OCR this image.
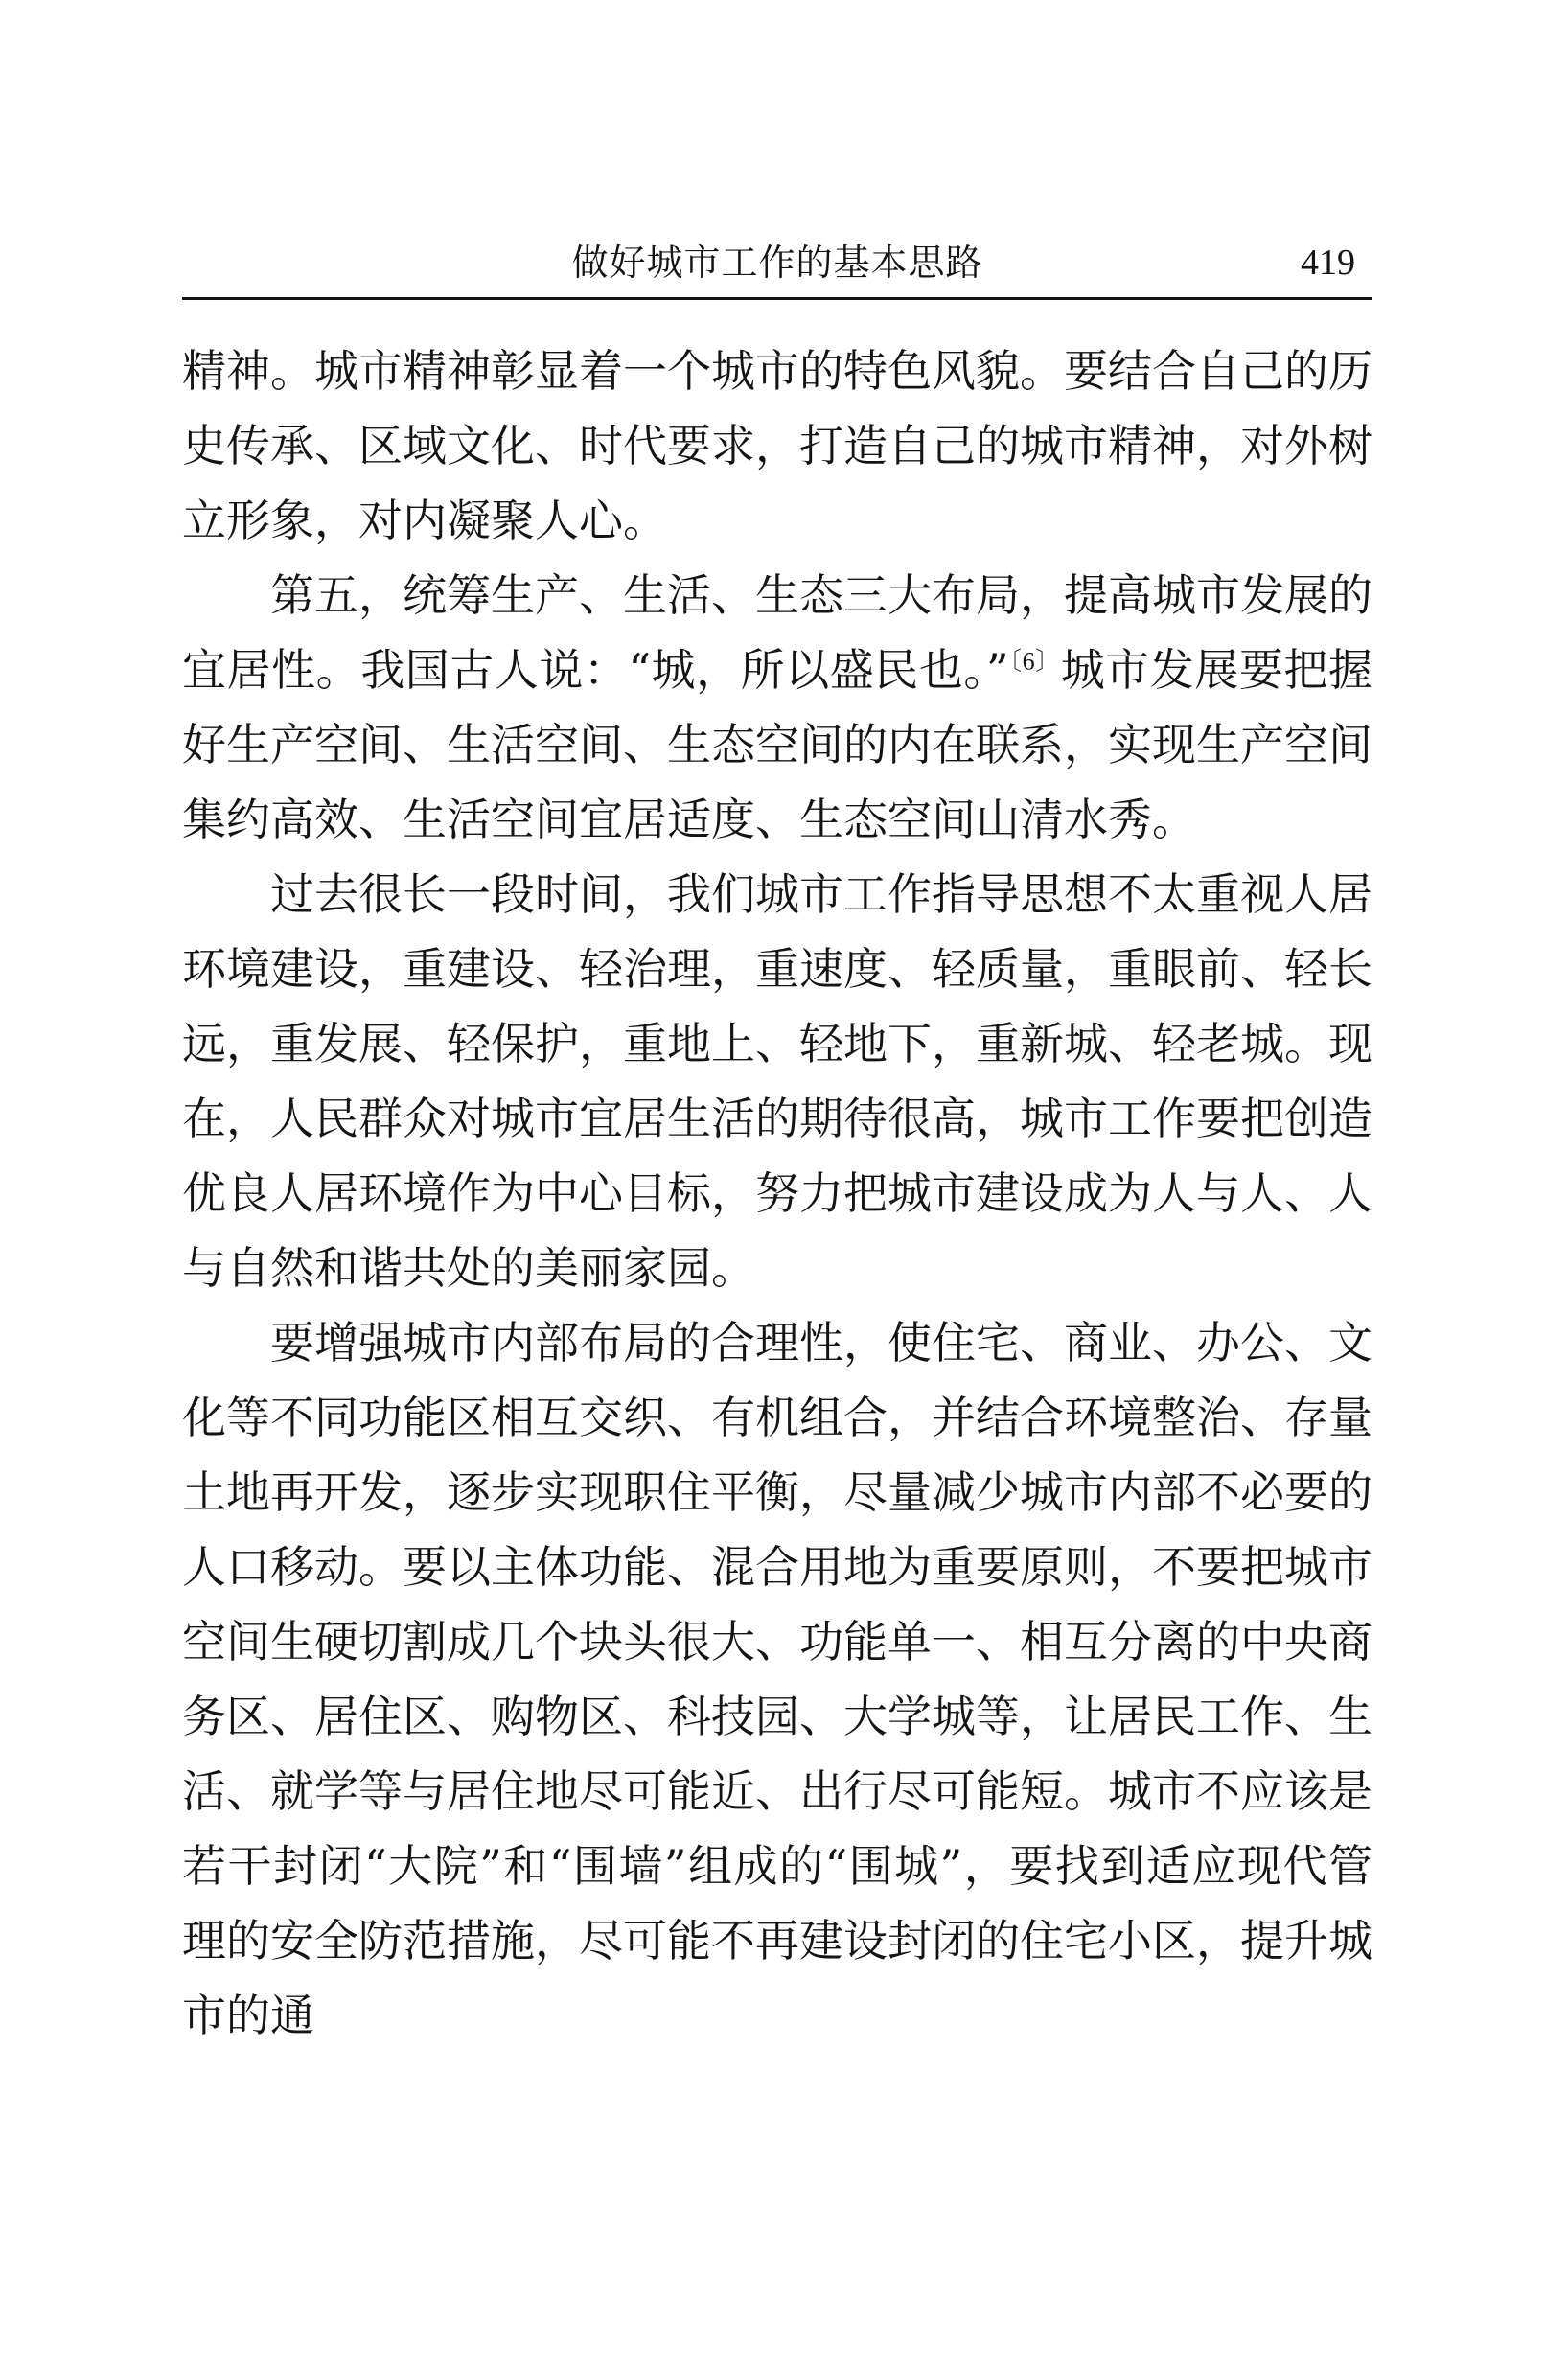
做好城市工作的基本思路	419

精神。城市精神彰显着一个城市的特色风貌。要结合自己的历史传承、区域文化、时代要求，打造自己的城市精神，对外树立形象，对内凝聚人心。

第五，统筹生产、生活、生态三大布局，提高城市发展的宜居性。我国古人说：“城，所以盛民也。”$^{〔6〕}$城市发展要把握好生产空间、生活空间、生态空间的内在联系，实现生产空间集约高效、生活空间宜居适度、生态空间山清水秀。

过去很长一段时间，我们城市工作指导思想不太重视人居环境建设，重建设、轻治理，重速度、轻质量，重眼前、轻长远，重发展、轻保护，重地上、轻地下，重新城、轻老城。现在，人民群众对城市宜居生活的期待很高，城市工作要把创造优良人居环境作为中心目标，努力把城市建设成为人与人、人与自然和谐共处的美丽家园。

要增强城市内部布局的合理性，使住宅、商业、办公、文化等不同功能区相互交织、有机组合，并结合环境整治、存量土地再开发，逐步实现职住平衡，尽量减少城市内部不必要的人口移动。要以主体功能、混合用地为重要原则，不要把城市空间生硬切割成几个块头很大、功能单一、相互分离的中央商务区、居住区、购物区、科技园、大学城等，让居民工作、生活、就学等与居住地尽可能近、出行尽可能短。城市不应该是若干封闭“大院”和“围墙”组成的“围城”，要找到适应现代管理的安全防范措施，尽可能不再建设封闭的住宅小区，提升城市的通
